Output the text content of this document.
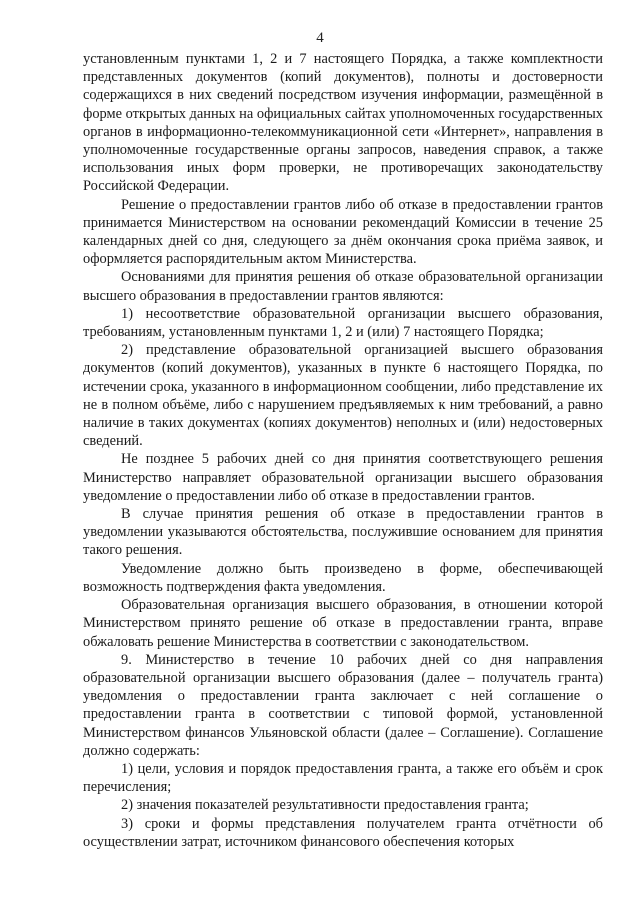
4

установленным пунктами 1, 2 и 7 настоящего Порядка, а также комплектности представленных документов (копий документов), полноты и достоверности содержащихся в них сведений посредством изучения информации, размещённой в форме открытых данных на официальных сайтах уполномоченных государственных органов в информационно-телекоммуникационной сети «Интернет», направления в уполномоченные государственные органы запросов, наведения справок, а также использования иных форм проверки, не противоречащих законодательству Российской Федерации.

Решение о предоставлении грантов либо об отказе в предоставлении грантов принимается Министерством на основании рекомендаций Комиссии в течение 25 календарных дней со дня, следующего за днём окончания срока приёма заявок, и оформляется распорядительным актом Министерства.

Основаниями для принятия решения об отказе образовательной организации высшего образования в предоставлении грантов являются:

1) несоответствие образовательной организации высшего образования, требованиям, установленным пунктами 1, 2 и (или) 7 настоящего Порядка;

2) представление образовательной организацией высшего образования документов (копий документов), указанных в пункте 6 настоящего Порядка, по истечении срока, указанного в информационном сообщении, либо представление их не в полном объёме, либо с нарушением предъявляемых к ним требований, а равно наличие в таких документах (копиях документов) неполных и (или) недостоверных сведений.

Не позднее 5 рабочих дней со дня принятия соответствующего решения Министерство направляет образовательной организации высшего образования уведомление о предоставлении либо об отказе в предоставлении грантов.

В случае принятия решения об отказе в предоставлении грантов в уведомлении указываются обстоятельства, послужившие основанием для принятия такого решения.

Уведомление должно быть произведено в форме, обеспечивающей возможность подтверждения факта уведомления.

Образовательная организация высшего образования, в отношении которой Министерством принято решение об отказе в предоставлении гранта, вправе обжаловать решение Министерства в соответствии с законодательством.

9. Министерство в течение 10 рабочих дней со дня направления образовательной организации высшего образования (далее – получатель гранта) уведомления о предоставлении гранта заключает с ней соглашение о предоставлении гранта в соответствии с типовой формой, установленной Министерством финансов Ульяновской области (далее – Соглашение). Соглашение должно содержать:

1) цели, условия и порядок предоставления гранта, а также его объём и срок перечисления;

2) значения показателей результативности предоставления гранта;

3) сроки и формы представления получателем гранта отчётности об осуществлении затрат, источником финансового обеспечения которых
